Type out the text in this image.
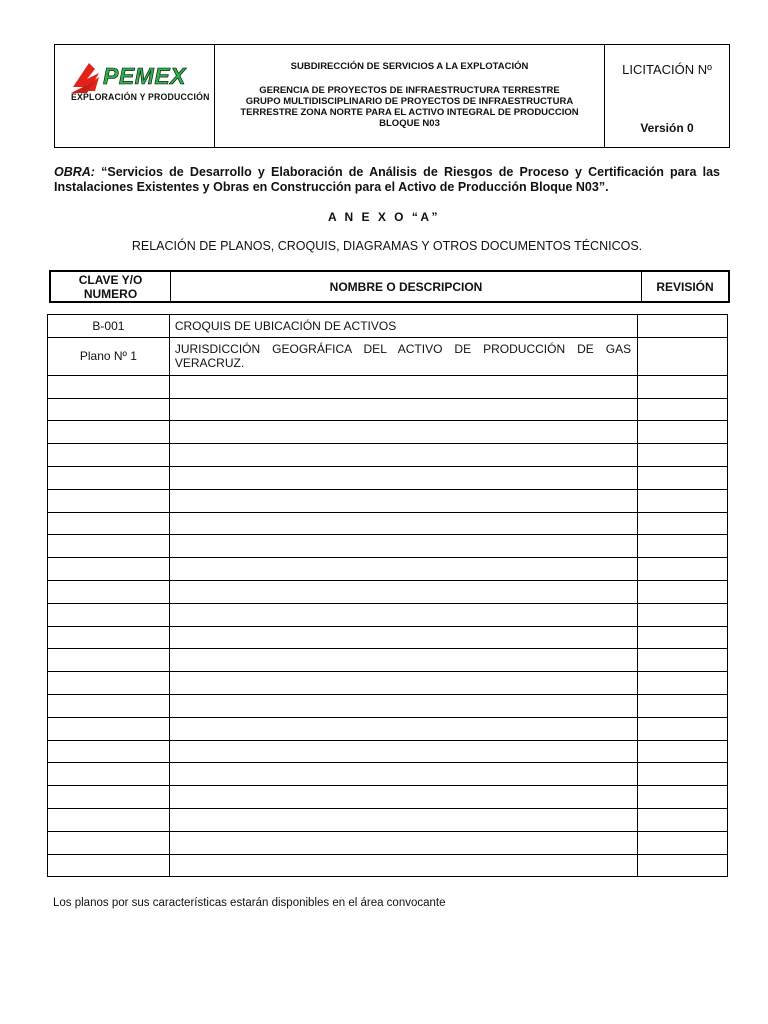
PEMEX
EXPLORACIÓN Y PRODUCCIÓN
SUBDIRECCIÓN DE SERVICIOS A LA EXPLOTACIÓN
GERENCIA DE PROYECTOS DE INFRAESTRUCTURA TERRESTRE
GRUPO MULTIDISCIPLINARIO DE PROYECTOS DE INFRAESTRUCTURA
TERRESTRE ZONA NORTE PARA EL ACTIVO INTEGRAL DE PRODUCCION
BLOQUE N03
LICITACIÓN Nº
Versión 0
OBRA: “Servicios de Desarrollo y Elaboración de Análisis de Riesgos de Proceso y Certificación para las Instalaciones Existentes y Obras en Construcción para el Activo de Producción Bloque N03”.
A N E X O “A”
RELACIÓN DE PLANOS, CROQUIS, DIAGRAMAS Y OTROS DOCUMENTOS TÉCNICOS.
CLAVE Y/O NUMERO	NOMBRE O DESCRIPCION	REVISIÓN
B-001	CROQUIS DE UBICACIÓN DE ACTIVOS	
Plano Nº 1	JURISDICCIÓN GEOGRÁFICA DEL ACTIVO DE PRODUCCIÓN DE GAS VERACRUZ.	

Los planos por sus características estarán disponibles en el área convocante
